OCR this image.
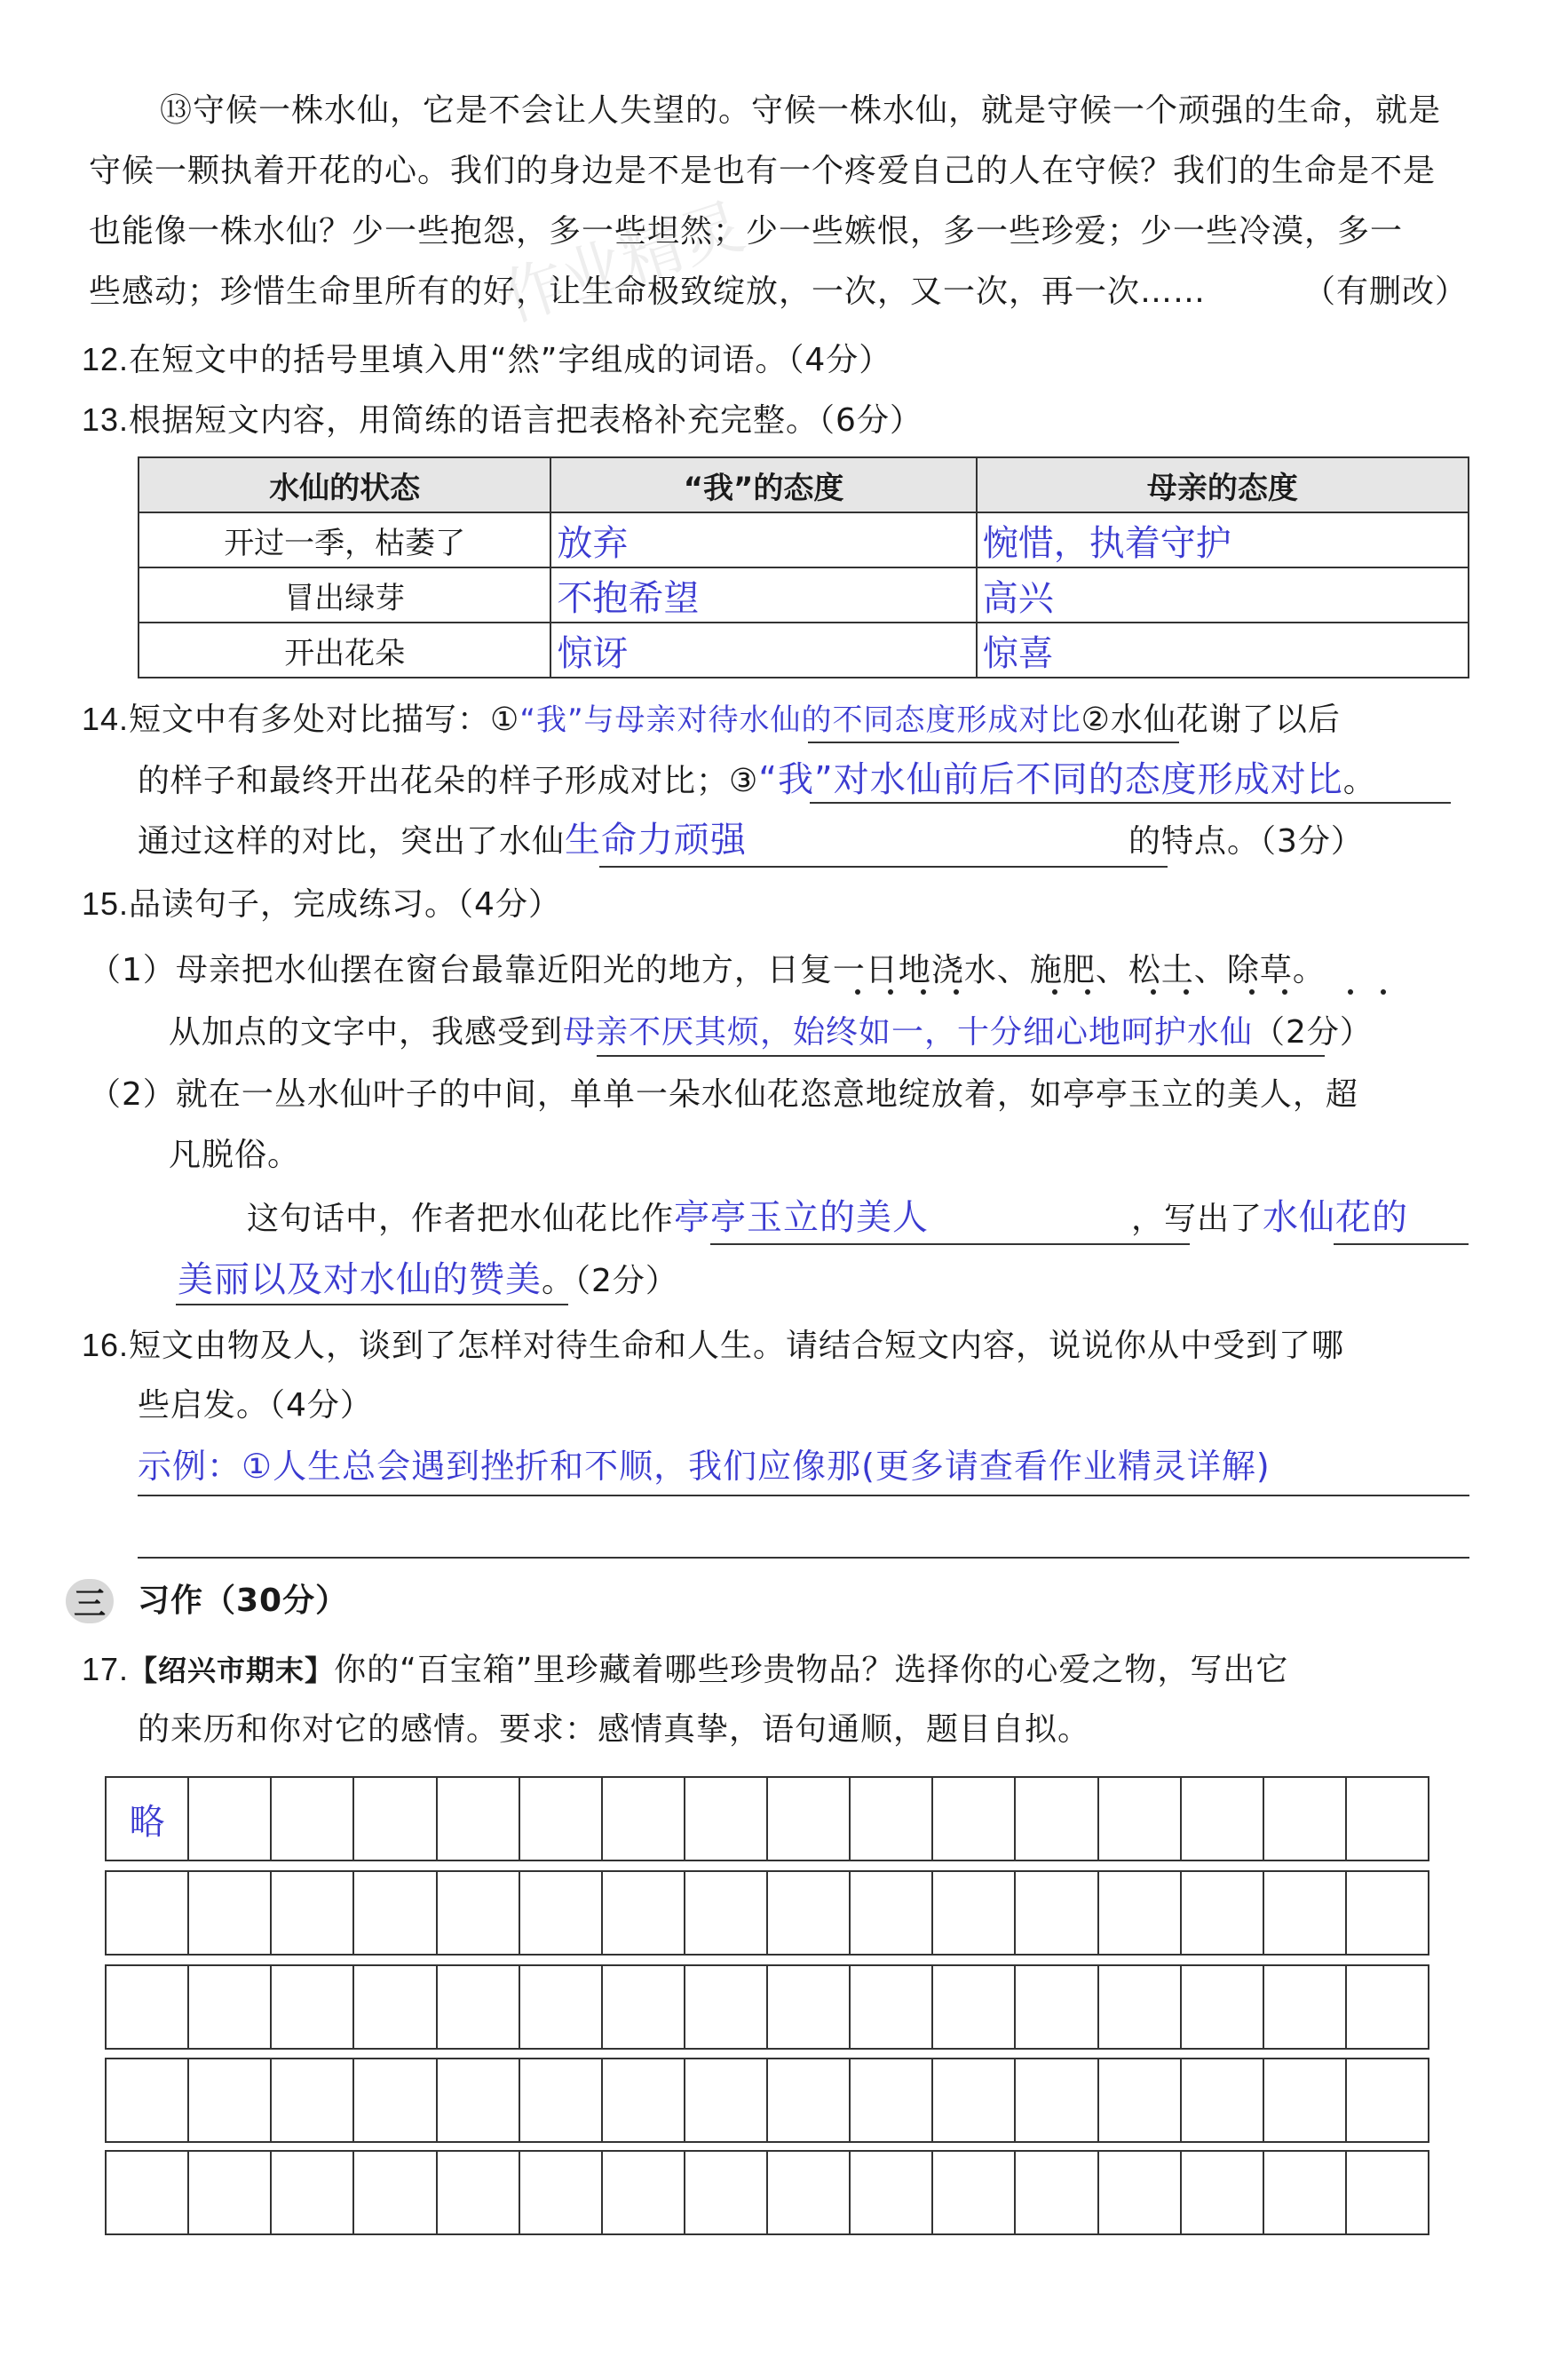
⑬守候一株水仙，它是不会让人失望的。守候一株水仙，就是守候一个顽强的生命，就是
守候一颗执着开花的心。我们的身边是不是也有一个疼爱自己的人在守候？我们的生命是不是
也能像一株水仙？少一些抱怨，多一些坦然；少一些嫉恨，多一些珍爱；少一些冷漠，多一
些感动；珍惜生命里所有的好，让生命极致绽放，一次，又一次，再一次……	（有删改）
作业精灵
12.在短文中的括号里填入用“然”字组成的词语。（4分）
13.根据短文内容，用简练的语言把表格补充完整。（6分）
水仙的状态	“我”的态度	母亲的态度
开过一季，枯萎了	放弃	惋惜，执着守护
冒出绿芽	不抱希望	高兴
开出花朵	惊讶	惊喜
14.短文中有多处对比描写：①“我”与母亲对待水仙的不同态度形成对比②水仙花谢了以后
的样子和最终开出花朵的样子形成对比；③“我”对水仙前后不同的态度形成对比。
通过这样的对比，突出了水仙生命力顽强	的特点。（3分）
15.品读句子，完成练习。（4分）
（1）母亲把水仙摆在窗台最靠近阳光的地方，日复一日地浇水、施肥、松土、除草。
从加点的文字中，我感受到母亲不厌其烦，始终如一，十分细心地呵护水仙（2分）
（2）就在一丛水仙叶子的中间，单单一朵水仙花恣意地绽放着，如亭亭玉立的美人，超
凡脱俗。
这句话中，作者把水仙花比作亭亭玉立的美人	，写出了水仙花的
美丽以及对水仙的赞美。（2分）
16.短文由物及人，谈到了怎样对待生命和人生。请结合短文内容，说说你从中受到了哪
些启发。（4分）
示例：①人生总会遇到挫折和不顺，我们应像那(更多请查看作业精灵详解)
三 习作（30分）
17.【绍兴市期末】你的“百宝箱”里珍藏着哪些珍贵物品？选择你的心爱之物，写出它
的来历和你对它的感情。要求：感情真挚，语句通顺，题目自拟。
略
